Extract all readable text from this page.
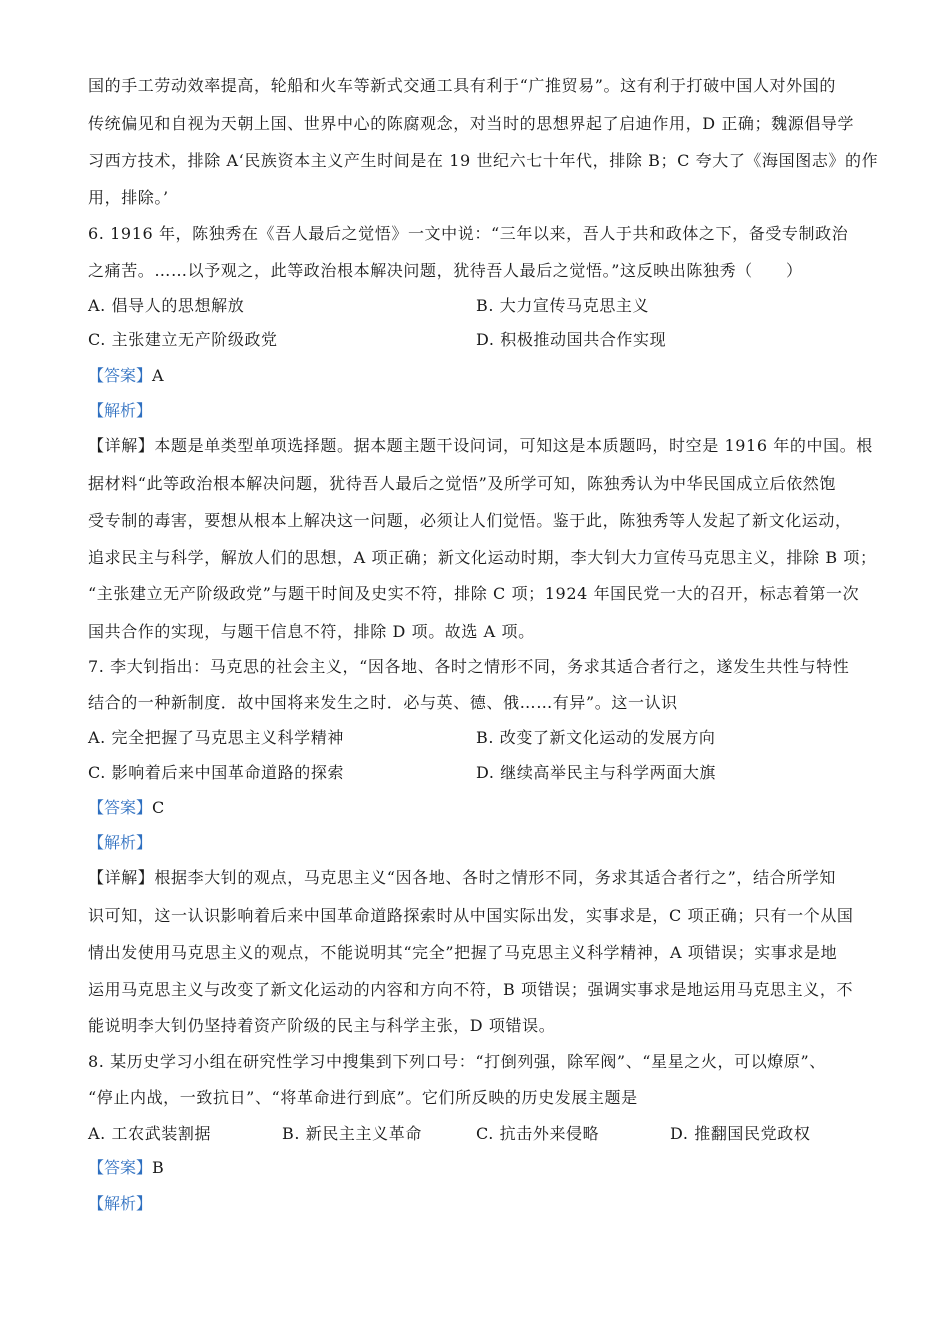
国的手工劳动效率提高，轮船和火车等新式交通工具有利于“广推贸易”。这有利于打破中国人对外国的
传统偏见和自视为天朝上国、世界中心的陈腐观念，对当时的思想界起了启迪作用，D 正确；魏源倡导学
习西方技术，排除 A‘民族资本主义产生时间是在 19 世纪六七十年代，排除 B；C 夸大了《海国图志》的作
用，排除。’
6. 1916 年，陈独秀在《吾人最后之觉悟》一文中说：“三年以来，吾人于共和政体之下，备受专制政治
之痛苦。……以予观之，此等政治根本解决问题，犹待吾人最后之觉悟。”这反映出陈独秀（　　）
A. 倡导人的思想解放	B. 大力宣传马克思主义
C. 主张建立无产阶级政党	D. 积极推动国共合作实现
【答案】A
【解析】
【详解】本题是单类型单项选择题。据本题主题干设问词，可知这是本质题吗，时空是 1916 年的中国。根
据材料“此等政治根本解决问题，犹待吾人最后之觉悟”及所学可知，陈独秀认为中华民国成立后依然饱
受专制的毒害，要想从根本上解决这一问题，必须让人们觉悟。鉴于此，陈独秀等人发起了新文化运动，
追求民主与科学，解放人们的思想，A 项正确；新文化运动时期，李大钊大力宣传马克思主义，排除 B 项；
“主张建立无产阶级政党”与题干时间及史实不符，排除 C 项；1924 年国民党一大的召开，标志着第一次
国共合作的实现，与题干信息不符，排除 D 项。故选 A 项。
7. 李大钊指出：马克思的社会主义，“因各地、各时之情形不同，务求其适合者行之，遂发生共性与特性
结合的一种新制度．故中国将来发生之时．必与英、德、俄……有异”。这一认识
A. 完全把握了马克思主义科学精神	B. 改变了新文化运动的发展方向
C. 影响着后来中国革命道路的探索	D. 继续高举民主与科学两面大旗
【答案】C
【解析】
【详解】根据李大钊的观点，马克思主义“因各地、各时之情形不同，务求其适合者行之”，结合所学知
识可知，这一认识影响着后来中国革命道路探索时从中国实际出发，实事求是，C 项正确；只有一个从国
情出发使用马克思主义的观点，不能说明其“完全”把握了马克思主义科学精神，A 项错误；实事求是地
运用马克思主义与改变了新文化运动的内容和方向不符，B 项错误；强调实事求是地运用马克思主义，不
能说明李大钊仍坚持着资产阶级的民主与科学主张，D 项错误。
8. 某历史学习小组在研究性学习中搜集到下列口号：“打倒列强，除军阀”、“星星之火，可以燎原”、
“停止内战，一致抗日”、“将革命进行到底”。它们所反映的历史发展主题是
A. 工农武装割据	B. 新民主主义革命	C. 抗击外来侵略	D. 推翻国民党政权
【答案】B
【解析】
